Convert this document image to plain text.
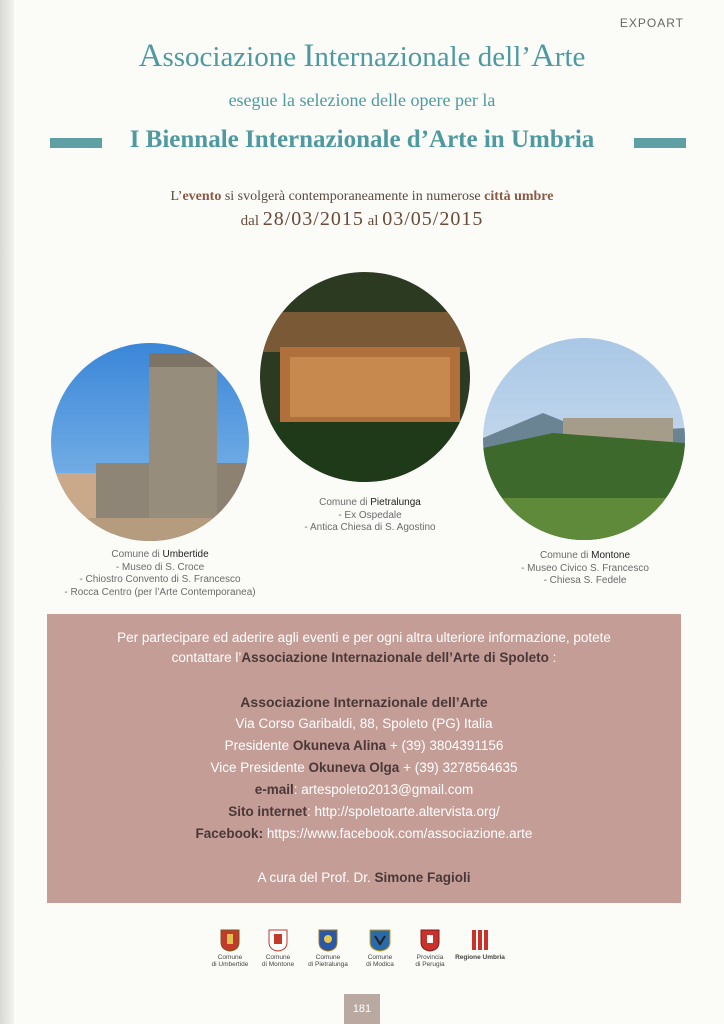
EXPOART
Associazione Internazionale dell’Arte
esegue la selezione delle opere per la
I Biennale Internazionale d’Arte in Umbria
L’evento si svolgerà contemporaneamente in numerose città umbre
dal 28/03/2015 al 03/05/2015
Comune di Umbertide
- Museo di S. Croce
- Chiostro Convento di S. Francesco
- Rocca Centro (per l’Arte Contemporanea)
Comune di Pietralunga
- Ex Ospedale
- Antica Chiesa di S. Agostino
Comune di Montone
- Museo Civico S. Francesco
- Chiesa S. Fedele
Per partecipare ed aderire agli eventi e per ogni altra ulteriore informazione, potete
contattare l’Associazione Internazionale dell’Arte di Spoleto :
Associazione Internazionale dell’Arte
Via Corso Garibaldi, 88, Spoleto (PG) Italia
Presidente Okuneva Alina + (39) 3804391156
Vice Presidente Okuneva Olga + (39) 3278564635
e-mail: artespoleto2013@gmail.com
Sito internet: http://spoletoarte.altervista.org/
Facebook: https://www.facebook.com/associazione.arte
A cura del Prof. Dr. Simone Fagioli
Comune
di Umbertide
Comune
di Montone
Comune
di Pietralunga
Comune
di Modica
Provincia
di Perugia
Regione Umbria
181
